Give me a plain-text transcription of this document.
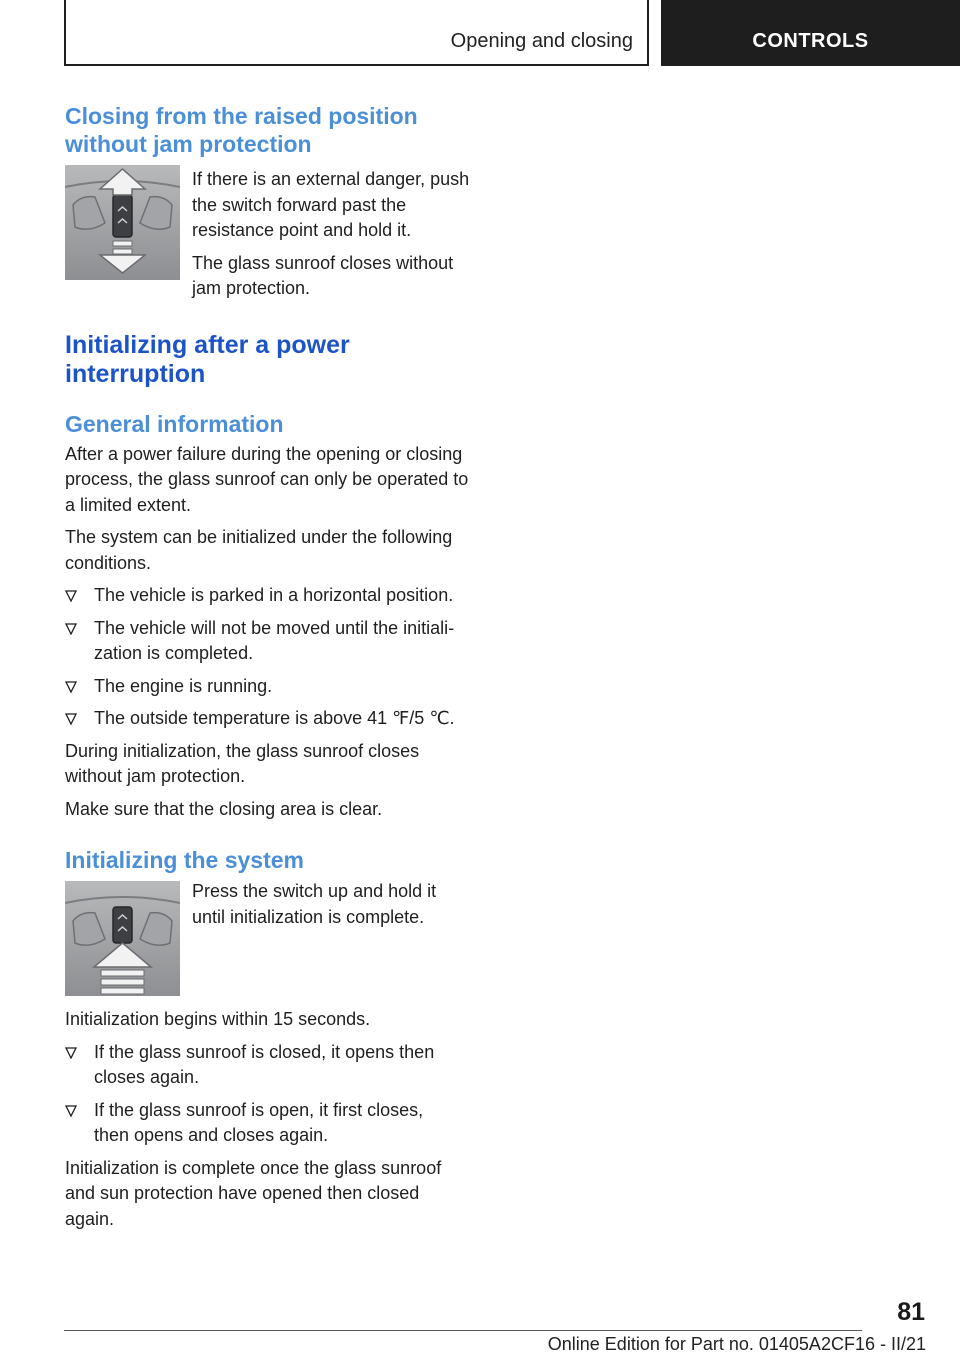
Opening and closing	CONTROLS
Closing from the raised position without jam protection

If there is an external danger, push the switch forward past the resistance point and hold it.

The glass sunroof closes without jam protection.

Initializing after a power interruption
General information

After a power failure during the opening or closing process, the glass sunroof can only be operated to a limited extent.

The system can be initialized under the following conditions.

The vehicle is parked in a horizontal position.
The vehicle will not be moved until the initialization is completed.
The engine is running.
The outside temperature is above 41 ℉/5 ℃.

During initialization, the glass sunroof closes without jam protection.

Make sure that the closing area is clear.

Initializing the system

Press the switch up and hold it until initialization is complete.

Initialization begins within 15 seconds.

If the glass sunroof is closed, it opens then closes again.
If the glass sunroof is open, it first closes, then opens and closes again.

Initialization is complete once the glass sunroof and sun protection have opened then closed again.

81
Online Edition for Part no. 01405A2CF16 - II/21
